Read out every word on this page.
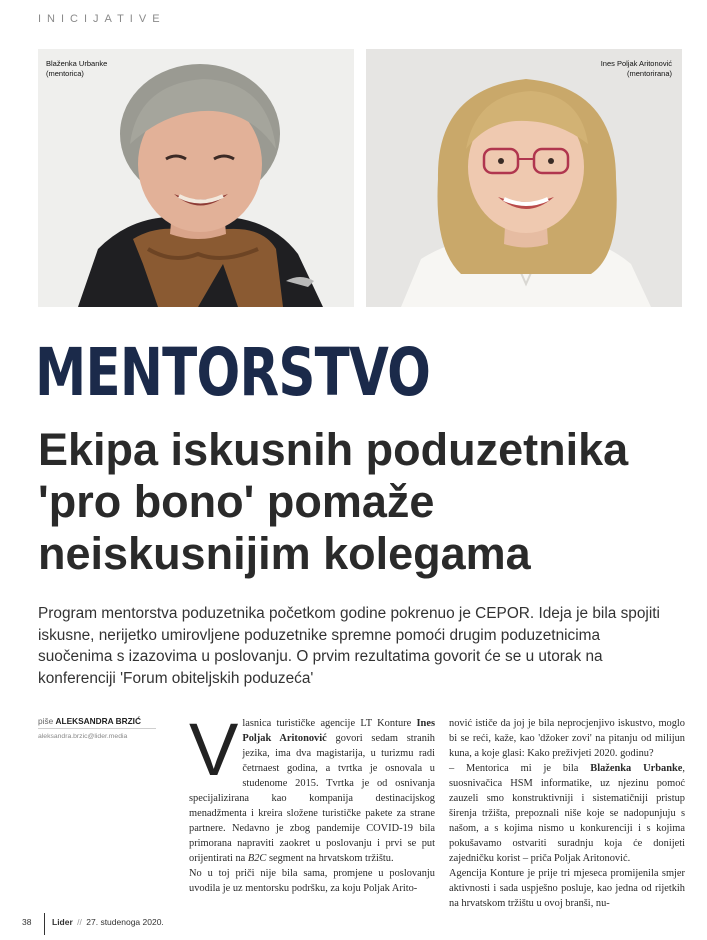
INICIJATIVE
Blaženka Urbanke
(mentorica)
Ines Poljak Aritonović
(mentorirana)
MENTORSTVO
Ekipa iskusnih poduzetnika 'pro bono' pomaže neiskusnijim kolegama

Program mentorstva poduzetnika početkom godine pokrenuo je CEPOR. Ideja je bila spojiti iskusne, nerijetko umirovljene poduzetnike spremne pomoći drugim poduzetnicima suočenima s izazovima u poslovanju. O prvim rezultatima govorit će se u utorak na konferenciji 'Forum obiteljskih poduzeća'

piše ALEKSANDRA BRZIĆ
aleksandra.brzic@lider.media Vlasnica turističke agencije LT Konture Ines Poljak Aritonović govori sedam stranih jezika, ima dva magistarija, u turizmu radi četrnaest godina, a tvrtka je osnovala u studenome 2015. Tvrtka je od osnivanja specijalizirana kao kompanija destinacijskog menadžmenta i kreira složene turističke pakete za strane partnere. Nedavno je zbog pandemije COVID-19 bila primorana napraviti zaokret u poslovanju i prvi se put orijentirati na B2C segment na hrvatskom tržištu.

No u toj priči nije bila sama, promjene u poslovanju uvodila je uz mentorsku podršku, za koju Poljak Arito-

nović ističe da joj je bila neprocjenjivo iskustvo, moglo bi se reći, kaže, kao 'džoker zovi' na pitanju od milijun kuna, a koje glasi: Kako preživjeti 2020. godinu?

– Mentorica mi je bila Blaženka Urbanke, suosnivačica HSM informatike, uz njezinu pomoć zauzeli smo konstruktivniji i sistematičniji pristup širenja tržišta, prepoznali niše koje se nadopunjuju s našom, a s kojima nismo u konkurenciji i s kojima pokušavamo ostvariti suradnju koja će donijeti zajedničku korist – priča Poljak Aritonović.

Agencija Konture je prije tri mjeseca promijenila smjer aktivnosti i sada uspješno posluje, kao jedna od rijetkih na hrvatskom tržištu u ovoj branši, nu-

38 Lider // 27. studenoga 2020.
